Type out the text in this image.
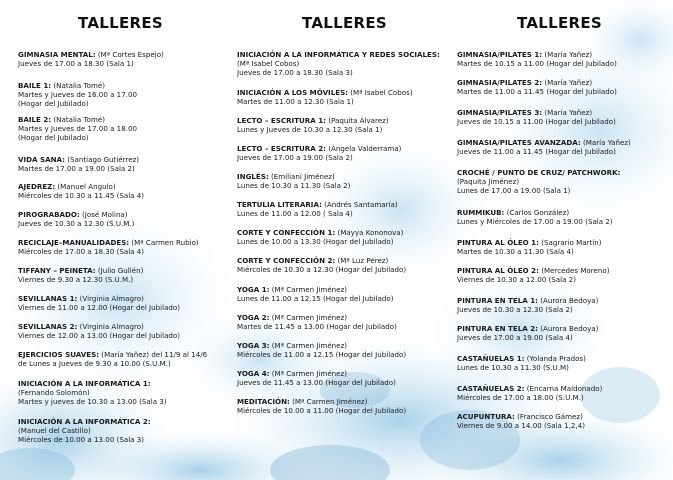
TALLERES
GIMNASIA MENTAL: (Mª Cortes Espejo)
Jueves de 17.00 a 18.30 (Sala 1)
BAILE 1: (Natalia Tomé)
Martes y Jueves de 16.00 a 17.00
(Hogar del Jubilado)
BAILE 2: (Natalia Tomé)
Martes y Jueves de 17.00 a 18.00
(Hogar del Jubilado)
VIDA SANA: (Santiago Gutiérrez)
Martes de 17.00 a 19.00 (Sala 2)
AJEDREZ: (Manuel Angulo)
Miércoles de 10.30 a 11.45 (Sala 4)
PIROGRABADO: (José Molina)
Jueves de 10.30 a 12.30 (S.U.M.)
RECICLAJE–MANUALIDADES: (Mª Carmen Rubio)
Miércoles de 17.00 a 18.30 (Sala 4)
TIFFANY – PEINETA: (Julio Gullén)
Viernes de 9.30 a 12.30 (S.U.M.)
SEVILLANAS 1: (Virginia Almagro)
Viernes de 11.00 a 12.00 (Hogar del Jubilado)
SEVILLANAS 2: (Virginia Almagro)
Viernes de 12.00 a 13.00 (Hogar del Jubilado)
EJERCICIOS SUAVES: (María Yañez) del 11/9 al 14/6
de Lunes a Jueves de 9.30 a 10.00 (S.U.M.)
INICIACIÓN A LA INFORMÁTICA 1:
(Fernando Solomón)
Martes y jueves de 10.30 a 13.00 (Sala 3)
INICIACIÓN A LA INFORMÁTICA 2:
(Manuel del Castillo)
Miércoles de 10.00 a 13.00 (Sala 3)
TALLERES
INICIACIÓN A LA INFORMÁTICA Y REDES SOCIALES:
(Mª Isabel Cobos)
Jueves de 17.00 a 18.30 (Sala 3)
INICIACIÓN A LOS MÓVILES: (Mª Isabel Cobos)
Martes de 11.00 a 12.30 (Sala 1)
LECTO – ESCRITURA 1: (Paquita Álvarez)
Lunes y Jueves de 10.30 a 12.30 (Sala 1)
LECTO – ESCRITURA 2: (Ángela Valderrama)
Jueves de 17.00 a 19.00 (Sala 2)
INGLÉS: (Emiliani Jiménez)
Lunes de 10.30 a 11.30 (Sala 2)
TERTULIA LITERARIA: (Andrés Santamaría)
Lunes de 11.00 a 12.00 ( Sala 4)
CORTE Y CONFECCIÓN 1: (Mayya Kononova)
Lunes de 10.00 a 13.30 (Hogar del Jubilado)
CORTE Y CONFECCIÓN 2: (Mª Luz Pérez)
Miércoles de 10.30 a 12.30 (Hogar del Jubilado)
YOGA 1: (Mª Carmen Jiménez)
Lunes de 11.00 a 12.15 (Hogar del Jubilado)
YOGA 2: (Mª Carmen Jiménez)
Martes de 11.45 a 13.00 (Hogar del Jubilado)
YOGA 3: (Mª Carmen Jiménez)
Miércoles de 11.00 a 12.15 (Hogar del Jubilado)
YOGA 4: (Mª Carmen Jiménez)
Jueves de 11.45 a 13.00 (Hogar del Jubilado)
MEDITACIÓN: (Mª Carmen Jiménez)
Miércoles de 10.00 a 11.00 (Hogar del Jubilado)
TALLERES
GIMNASIA/PILATES 1: (María Yañez)
Martes de 10.15 a 11.00 (Hogar del Jubilado)
GIMNASIA/PILATES 2: (María Yañez)
Martes de 11.00 a 11.45 (Hogar del Jubilado)
GIMNASIA/PILATES 3: (María Yañez)
Jueves de 10.15 a 11.00 (Hogar del Jubilado)
GIMNASIA/PILATES AVANZADA: (María Yañez)
Jueves de 11.00 a 11.45 (Hogar del Jubilado)
CROCHÉ / PUNTO DE CRUZ/ PATCHWORK:
(Paquita Jiménez)
Lunes de 17.00 a 19.00 (Sala 1)
RUMMIKUB: (Carlos González)
Lunes y Miércoles de 17.00 a 19.00 (Sala 2)
PINTURA AL ÓLEO 1: (Sagrario Martín)
Martes de 10.30 a 11.30 (Sala 4)
PINTURA AL ÓLEO 2: (Mercedes Moreno)
Viernes de 10.30 a 12.00 (Sala 2)
PINTURA EN TELA 1: (Aurora Bedoya)
Jueves de 10.30 a 12.30 (Sala 2)
PINTURA EN TELA 2: (Aurora Bedoya)
Jueves de 17.00 a 19.00 (Sala 4)
CASTAÑUELAS 1: (Yolanda Prados)
Lunes de 10.30 a 11.30 (S.U.M)
CASTAÑUELAS 2: (Encarna Maldonado)
Miércoles de 17.00 a 18.00 (S.U.M.)
ACUPUNTURA: (Francisco Gámez)
Viernes de 9.00 a 14.00 (Sala 1,2,4)
